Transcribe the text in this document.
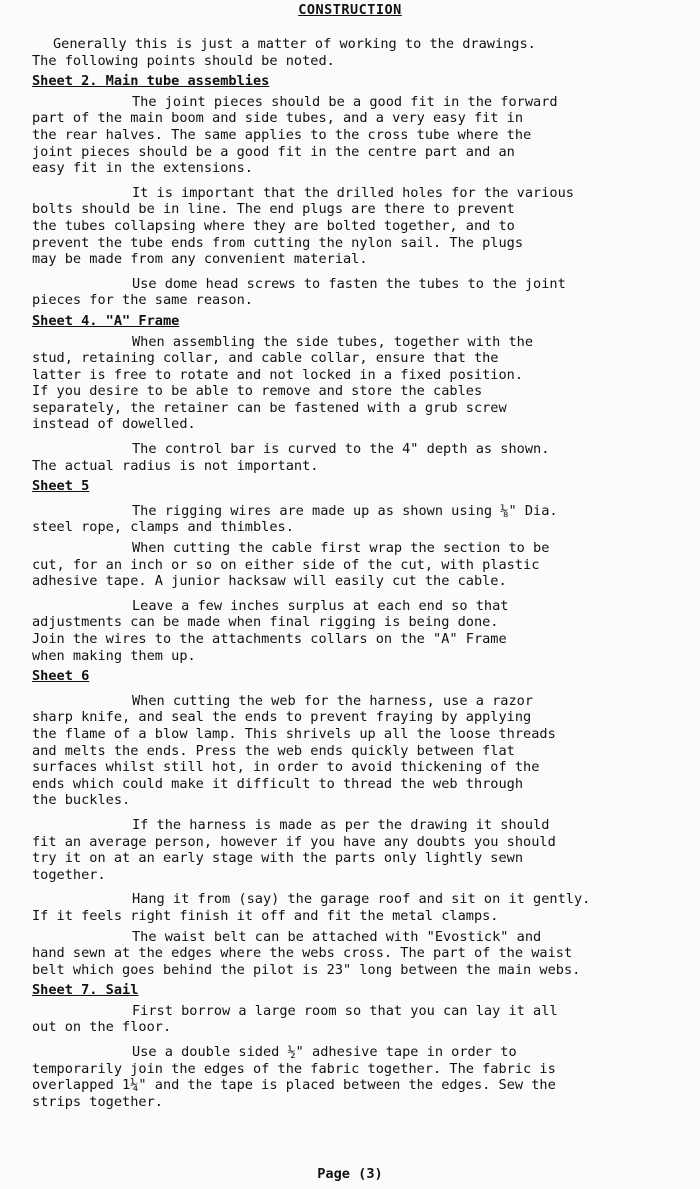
CONSTRUCTION

Generally this is just a matter of working to the drawings.

The following points should be noted.

Sheet 2. Main tube assemblies

The joint pieces should be a good fit in the forward

part of the main boom and side tubes, and a very easy fit in

the rear halves. The same applies to the cross tube where the

joint pieces should be a good fit in the centre part and an

easy fit in the extensions.

It is important that the drilled holes for the various

bolts should be in line. The end plugs are there to prevent

the tubes collapsing where they are bolted together, and to

prevent the tube ends from cutting the nylon sail. The plugs

may be made from any convenient material.

Use dome head screws to fasten the tubes to the joint

pieces for the same reason.

Sheet 4. "A" Frame

When assembling the side tubes, together with the

stud, retaining collar, and cable collar, ensure that the

latter is free to rotate and not locked in a fixed position.

If you desire to be able to remove and store the cables

separately, the retainer can be fastened with a grub screw

instead of dowelled.

The control bar is curved to the 4" depth as shown.

The actual radius is not important.

Sheet 5

The rigging wires are made up as shown using ⅛" Dia.

steel rope, clamps and thimbles.

When cutting the cable first wrap the section to be

cut, for an inch or so on either side of the cut, with plastic

adhesive tape. A junior hacksaw will easily cut the cable.

Leave a few inches surplus at each end so that

adjustments can be made when final rigging is being done.

Join the wires to the attachments collars on the "A" Frame

when making them up.

Sheet 6

When cutting the web for the harness, use a razor

sharp knife, and seal the ends to prevent fraying by applying

the flame of a blow lamp. This shrivels up all the loose threads

and melts the ends. Press the web ends quickly between flat

surfaces whilst still hot, in order to avoid thickening of the

ends which could make it difficult to thread the web through

the buckles.

If the harness is made as per the drawing it should

fit an average person, however if you have any doubts you should

try it on at an early stage with the parts only lightly sewn

together.

Hang it from (say) the garage roof and sit on it gently.

If it feels right finish it off and fit the metal clamps.

The waist belt can be attached with "Evostick" and

hand sewn at the edges where the webs cross. The part of the waist

belt which goes behind the pilot is 23" long between the main webs.

Sheet 7. Sail

First borrow a large room so that you can lay it all

out on the floor.

Use a double sided ½" adhesive tape in order to

temporarily join the edges of the fabric together. The fabric is

overlapped 1¼" and the tape is placed between the edges. Sew the

strips together.

Page (3)
